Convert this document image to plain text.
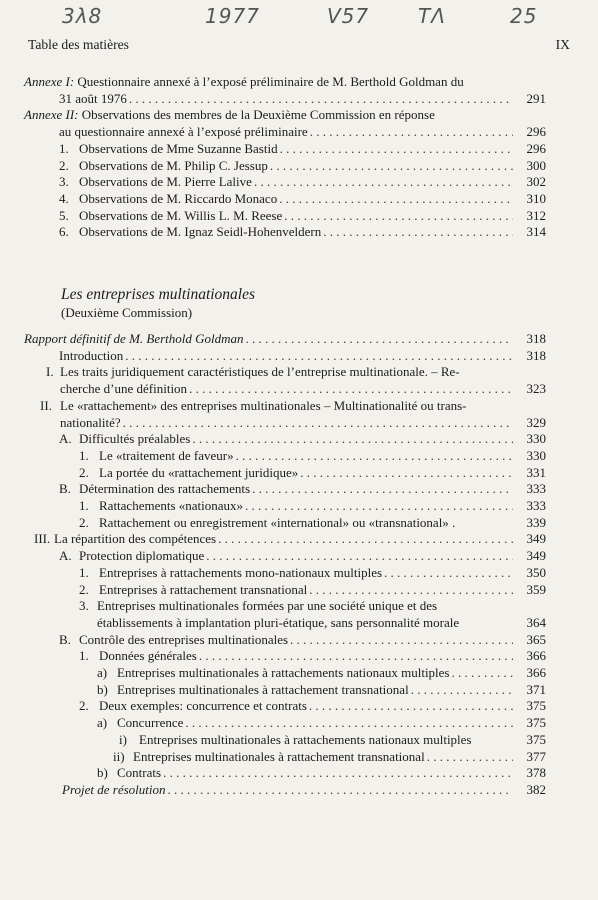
3λ8	1977	V57 TΛ	25
Table des matières	IX
Annexe I: Questionnaire annexé à l’exposé préliminaire de M. Berthold Goldman du
31 août 1976 . . .	291
Annexe II: Observations des membres de la Deuxième Commission en réponse
au questionnaire annexé à l’exposé préliminaire . . .	296
1. Observations de Mme Suzanne Bastid . . .	296
2. Observations de M. Philip C. Jessup . . .	300
3. Observations de M. Pierre Lalive . . .	302
4. Observations de M. Riccardo Monaco . . .	310
5. Observations de M. Willis L. M. Reese . . .	312
6. Observations de M. Ignaz Seidl-Hohenveldern . . .	314
Les entreprises multinationales
(Deuxième Commission)
Rapport définitif de M. Berthold Goldman . . .	318
Introduction . . .	318
I. Les traits juridiquement caractéristiques de l’entreprise multinationale. – Re-
cherche d’une définition . . .	323
II. Le «rattachement» des entreprises multinationales – Multinationalité ou trans-
nationalité? . . .	329
A. Difficultés préalables . . .	330
1. Le «traitement de faveur» . . .	330
2. La portée du «rattachement juridique» . . .	331
B. Détermination des rattachements . . .	333
1. Rattachements «nationaux» . . .	333
2. Rattachement ou enregistrement «international» ou «transnational» .	339
III. La répartition des compétences . . .	349
A. Protection diplomatique . . .	349
1. Entreprises à rattachements mono-nationaux multiples . . .	350
2. Entreprises à rattachement transnational . . .	359
3. Entreprises multinationales formées par une société unique et des
établissements à implantation pluri-étatique, sans personnalité morale	364
B. Contrôle des entreprises multinationales . . .	365
1. Données générales . . .	366
a) Entreprises multinationales à rattachements nationaux multiples . . .	366
b) Entreprises multinationales à rattachement transnational . . .	371
2. Deux exemples: concurrence et contrats . . .	375
a) Concurrence . . .	375
i) Entreprises multinationales à rattachements nationaux multiples	375
ii) Entreprises multinationales à rattachement transnational . . .	377
b) Contrats . . .	378
Projet de résolution . . .	382
